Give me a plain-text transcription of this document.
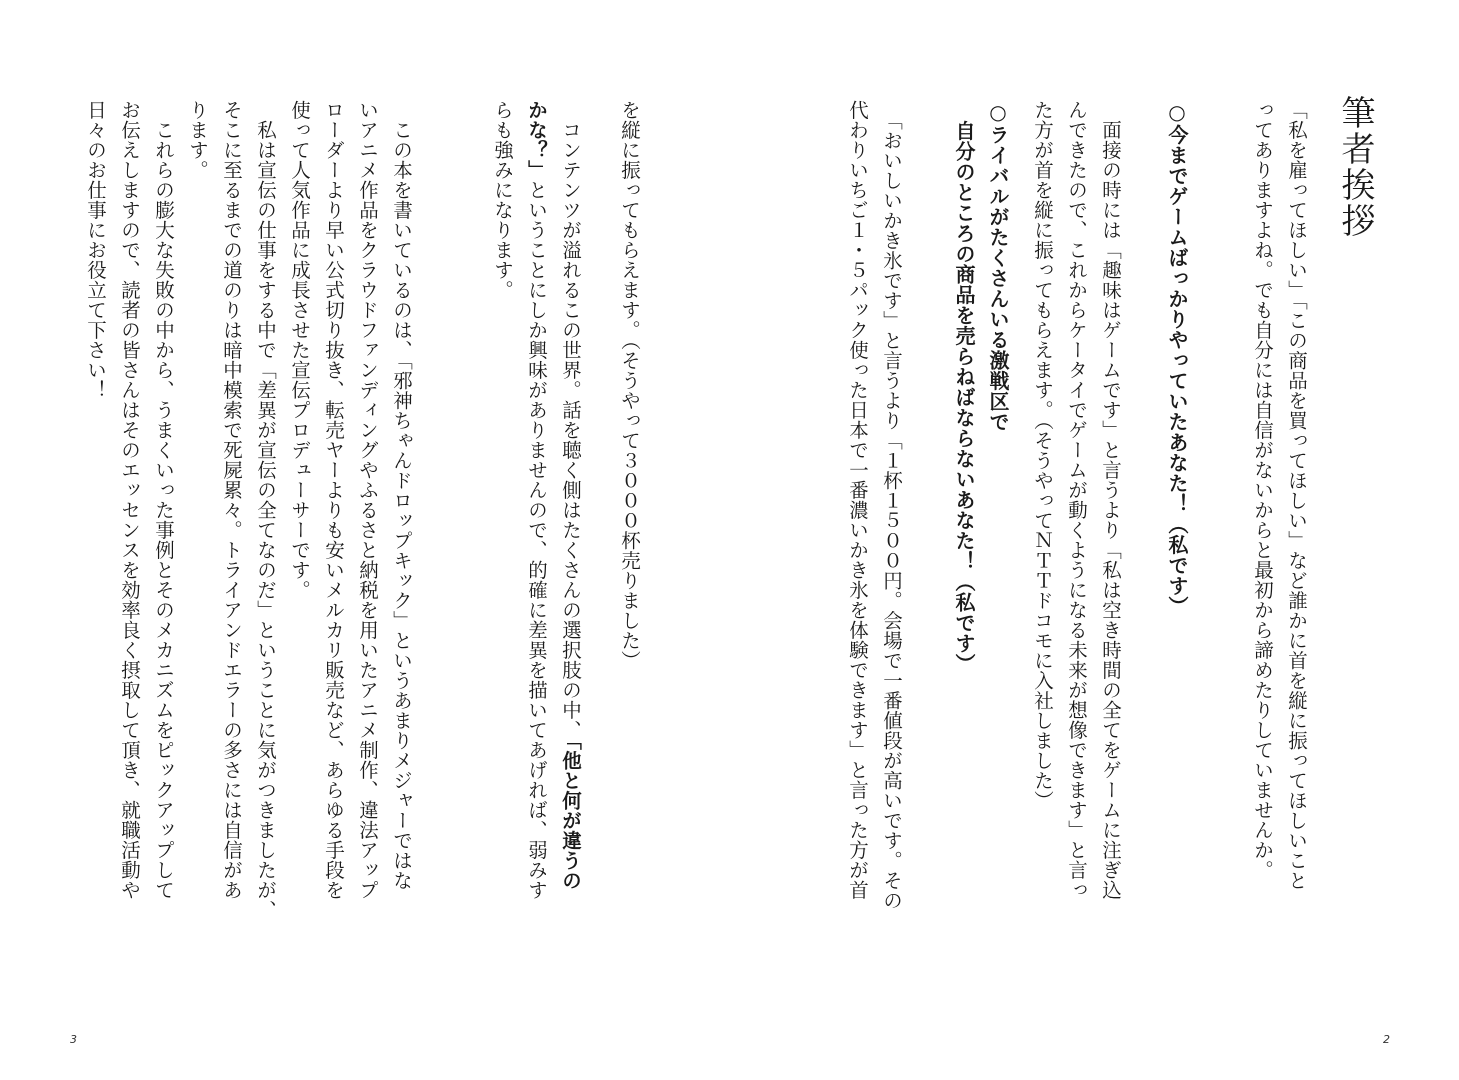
筆者挨拶
「私を雇ってほしい」「この商品を買ってほしい」など誰かに首を縦に振ってほしいこと
ってありますよね。でも自分には自信がないからと最初から諦めたりしていませんか。
○今までゲームばっかりやっていたあなた！（私です）
　面接の時には「趣味はゲームです」と言うより「私は空き時間の全てをゲームに注ぎ込
んできたので、これからケータイでゲームが動くようになる未来が想像できます」と言っ
た方が首を縦に振ってもらえます。（そうやってＮＴＴドコモに入社しました）
○ライバルがたくさんいる激戦区で
　自分のところの商品を売らねばならないあなた！（私です）
　「おいしいかき氷です」と言うより「１杯１５００円。会場で一番値段が高いです。その
代わりいちご１・５パック使った日本で一番濃いかき氷を体験できます」と言った方が首
2
を縦に振ってもらえます。（そうやって３０００杯売りました）
　コンテンツが溢れるこの世界。話を聴く側はたくさんの選択肢の中、「他と何が違うの
かな？」ということにしか興味がありませんので、的確に差異を描いてあげれば、弱みす
らも強みになります。
　この本を書いているのは、「邪神ちゃんドロップキック」というあまりメジャーではな
いアニメ作品をクラウドファンディングやふるさと納税を用いたアニメ制作、違法アップ
ローダーより早い公式切り抜き、転売ヤーよりも安いメルカリ販売など、あらゆる手段を
使って人気作品に成長させた宣伝プロデューサーです。
　私は宣伝の仕事をする中で「差異が宣伝の全てなのだ」ということに気がつきましたが、
そこに至るまでの道のりは暗中模索で死屍累々。トライアンドエラーの多さには自信があ
ります。
　これらの膨大な失敗の中から、うまくいった事例とそのメカニズムをピックアップして
お伝えしますので、読者の皆さんはそのエッセンスを効率良く摂取して頂き、就職活動や
日々のお仕事にお役立て下さい！
3
